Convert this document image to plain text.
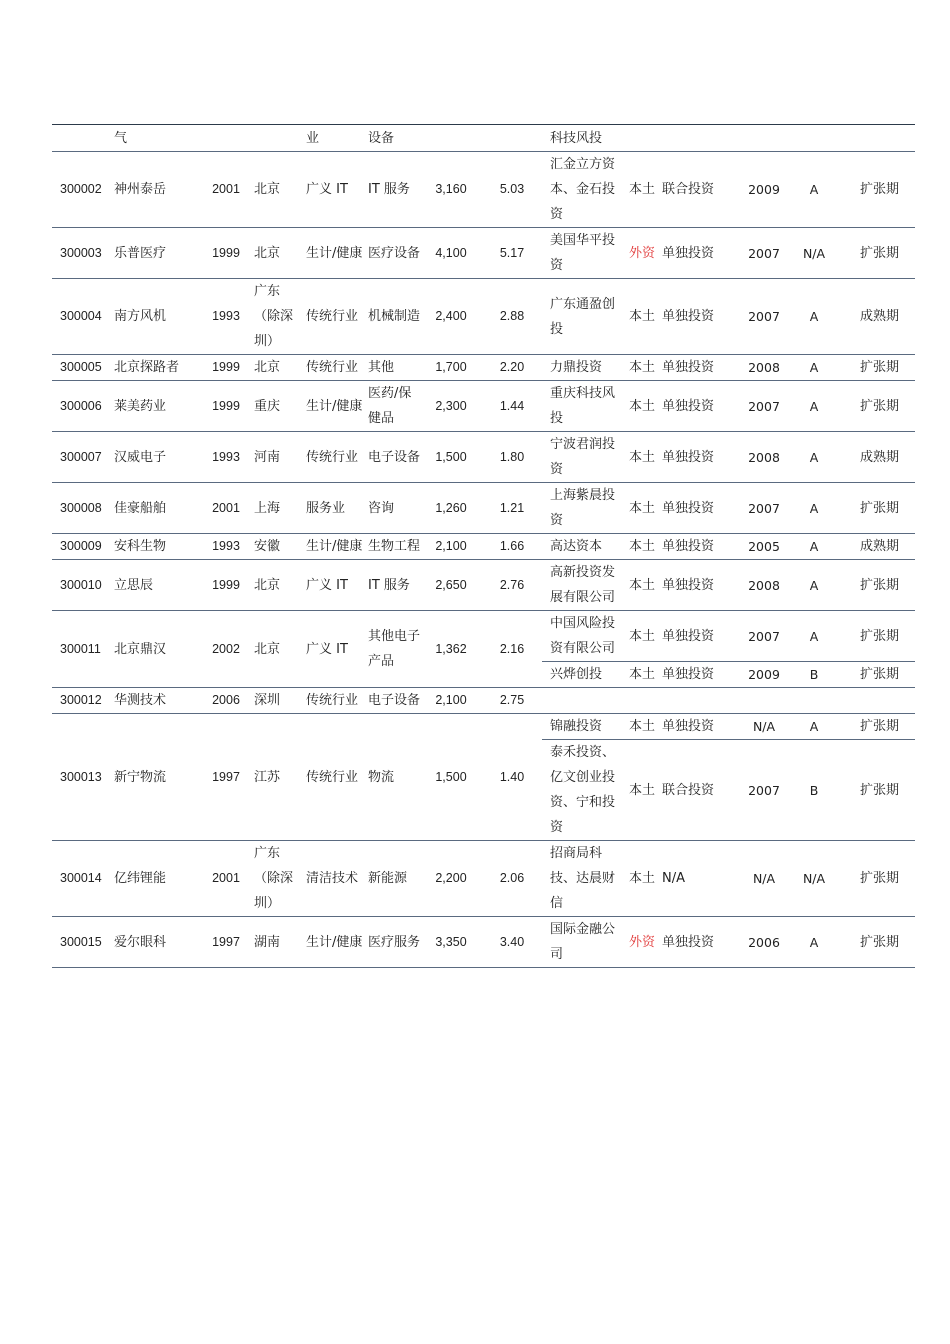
	气			业	设备			科技风投					
300002	神州泰岳	2001	北京	广义 IT	IT 服务	3,160	5.03	汇金立方资本、金石投资	本土	联合投资	2009	A	扩张期
300003	乐普医疗	1999	北京	生计/健康	医疗设备	4,100	5.17	美国华平投资	外资	单独投资	2007	N/A	扩张期
300004	南方风机	1993	广东（除深圳）	传统行业	机械制造	2,400	2.88	广东通盈创投	本土	单独投资	2007	A	成熟期
300005	北京探路者	1999	北京	传统行业	其他	1,700	2.20	力鼎投资	本土	单独投资	2008	A	扩张期
300006	莱美药业	1999	重庆	生计/健康	医药/保健品	2,300	1.44	重庆科技风投	本土	单独投资	2007	A	扩张期
300007	汉威电子	1993	河南	传统行业	电子设备	1,500	1.80	宁波君润投资	本土	单独投资	2008	A	成熟期
300008	佳豪船舶	2001	上海	服务业	咨询	1,260	1.21	上海紫晨投资	本土	单独投资	2007	A	扩张期
300009	安科生物	1993	安徽	生计/健康	生物工程	2,100	1.66	高达资本	本土	单独投资	2005	A	成熟期
300010	立思辰	1999	北京	广义 IT	IT 服务	2,650	2.76	高新投资发展有限公司	本土	单独投资	2008	A	扩张期
300011	北京鼎汉	2002	北京	广义 IT	其他电子产品	1,362	2.16	中国风险投资有限公司	本土	单独投资	2007	A	扩张期
								兴烨创投	本土	单独投资	2009	B	扩张期
300012	华测技术	2006	深圳	传统行业	电子设备	2,100	2.75						
300013	新宁物流	1997	江苏	传统行业	物流	1,500	1.40	锦融投资	本土	单独投资	N/A	A	扩张期
								泰禾投资、亿文创业投资、宁和投资	本土	联合投资	2007	B	扩张期
300014	亿纬锂能	2001	广东（除深圳）	清洁技术	新能源	2,200	2.06	招商局科技、达晨财信	本土	N/A	N/A	N/A	扩张期
300015	爱尔眼科	1997	湖南	生计/健康	医疗服务	3,350	3.40	国际金融公司	外资	单独投资	2006	A	扩张期
